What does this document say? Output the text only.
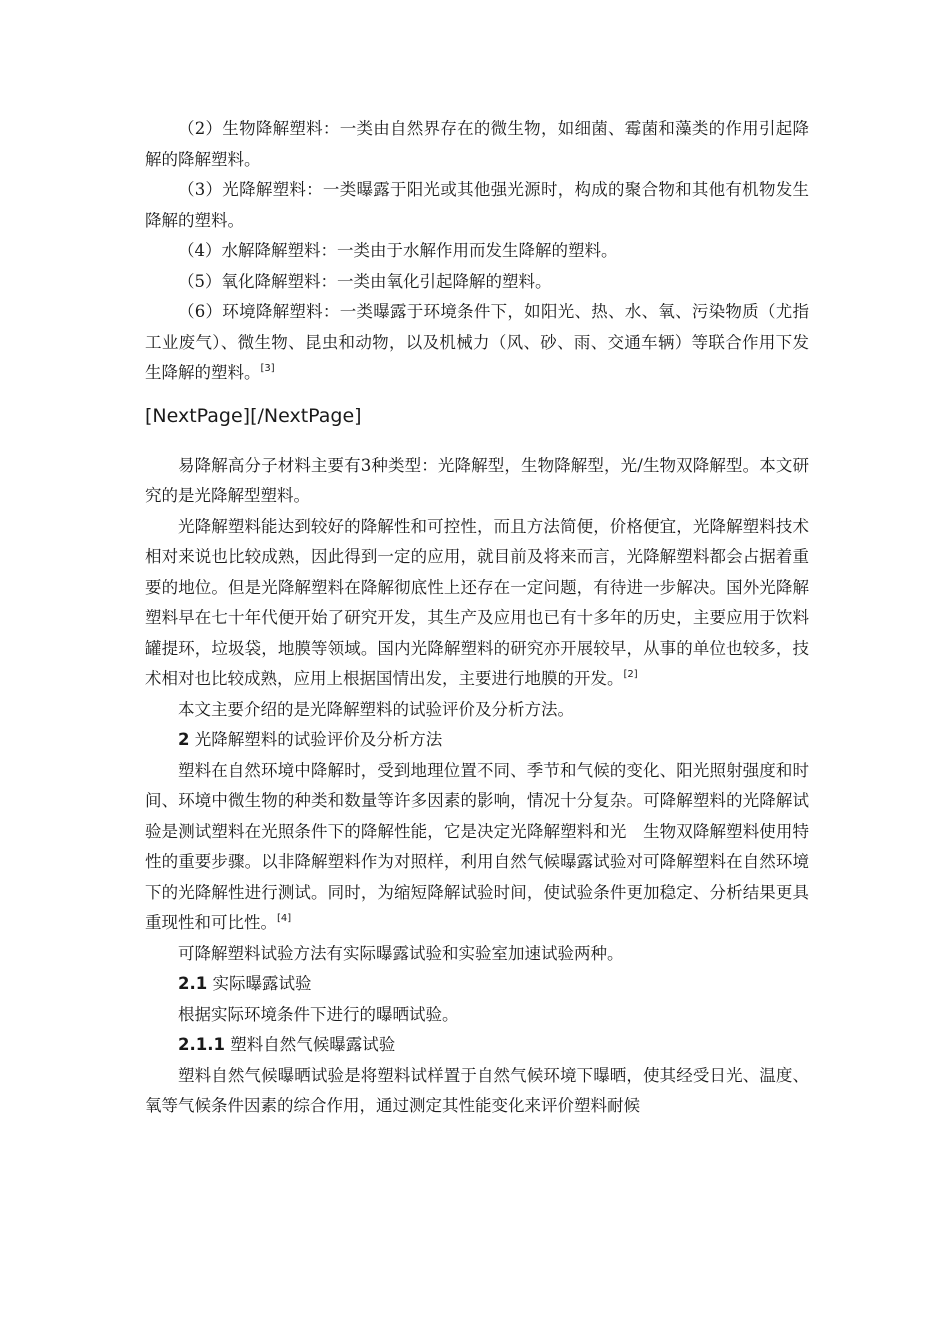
（2）生物降解塑料：一类由自然界存在的微生物，如细菌、霉菌和藻类的作用引起降解的降解塑料。

（3）光降解塑料：一类曝露于阳光或其他强光源时，构成的聚合物和其他有机物发生降解的塑料。

（4）水解降解塑料：一类由于水解作用而发生降解的塑料。

（5）氧化降解塑料：一类由氧化引起降解的塑料。

（6）环境降解塑料：一类曝露于环境条件下，如阳光、热、水、氧、污染物质（尤指工业废气）、微生物、昆虫和动物，以及机械力（风、砂、雨、交通车辆）等联合作用下发生降解的塑料。[3]

[NextPage][/NextPage]

易降解高分子材料主要有3种类型：光降解型，生物降解型，光/生物双降解型。本文研究的是光降解型塑料。

光降解塑料能达到较好的降解性和可控性，而且方法简便，价格便宜，光降解塑料技术相对来说也比较成熟，因此得到一定的应用，就目前及将来而言，光降解塑料都会占据着重要的地位。但是光降解塑料在降解彻底性上还存在一定问题，有待进一步解决。国外光降解塑料早在七十年代便开始了研究开发，其生产及应用也已有十多年的历史，主要应用于饮料罐提环，垃圾袋，地膜等领域。国内光降解塑料的研究亦开展较早，从事的单位也较多，技术相对也比较成熟，应用上根据国情出发，主要进行地膜的开发。[2]

本文主要介绍的是光降解塑料的试验评价及分析方法。

2 光降解塑料的试验评价及分析方法

塑料在自然环境中降解时，受到地理位置不同、季节和气候的变化、阳光照射强度和时间、环境中微生物的种类和数量等许多因素的影响，情况十分复杂。可降解塑料的光降解试验是测试塑料在光照条件下的降解性能，它是决定光降解塑料和光　生物双降解塑料使用特性的重要步骤。以非降解塑料作为对照样，利用自然气候曝露试验对可降解塑料在自然环境下的光降解性进行测试。同时，为缩短降解试验时间，使试验条件更加稳定、分析结果更具重现性和可比性。[4]

可降解塑料试验方法有实际曝露试验和实验室加速试验两种。

2.1 实际曝露试验

根据实际环境条件下进行的曝晒试验。

2.1.1 塑料自然气候曝露试验

塑料自然气候曝晒试验是将塑料试样置于自然气候环境下曝晒，使其经受日光、温度、氧等气候条件因素的综合作用，通过测定其性能变化来评价塑料耐候
